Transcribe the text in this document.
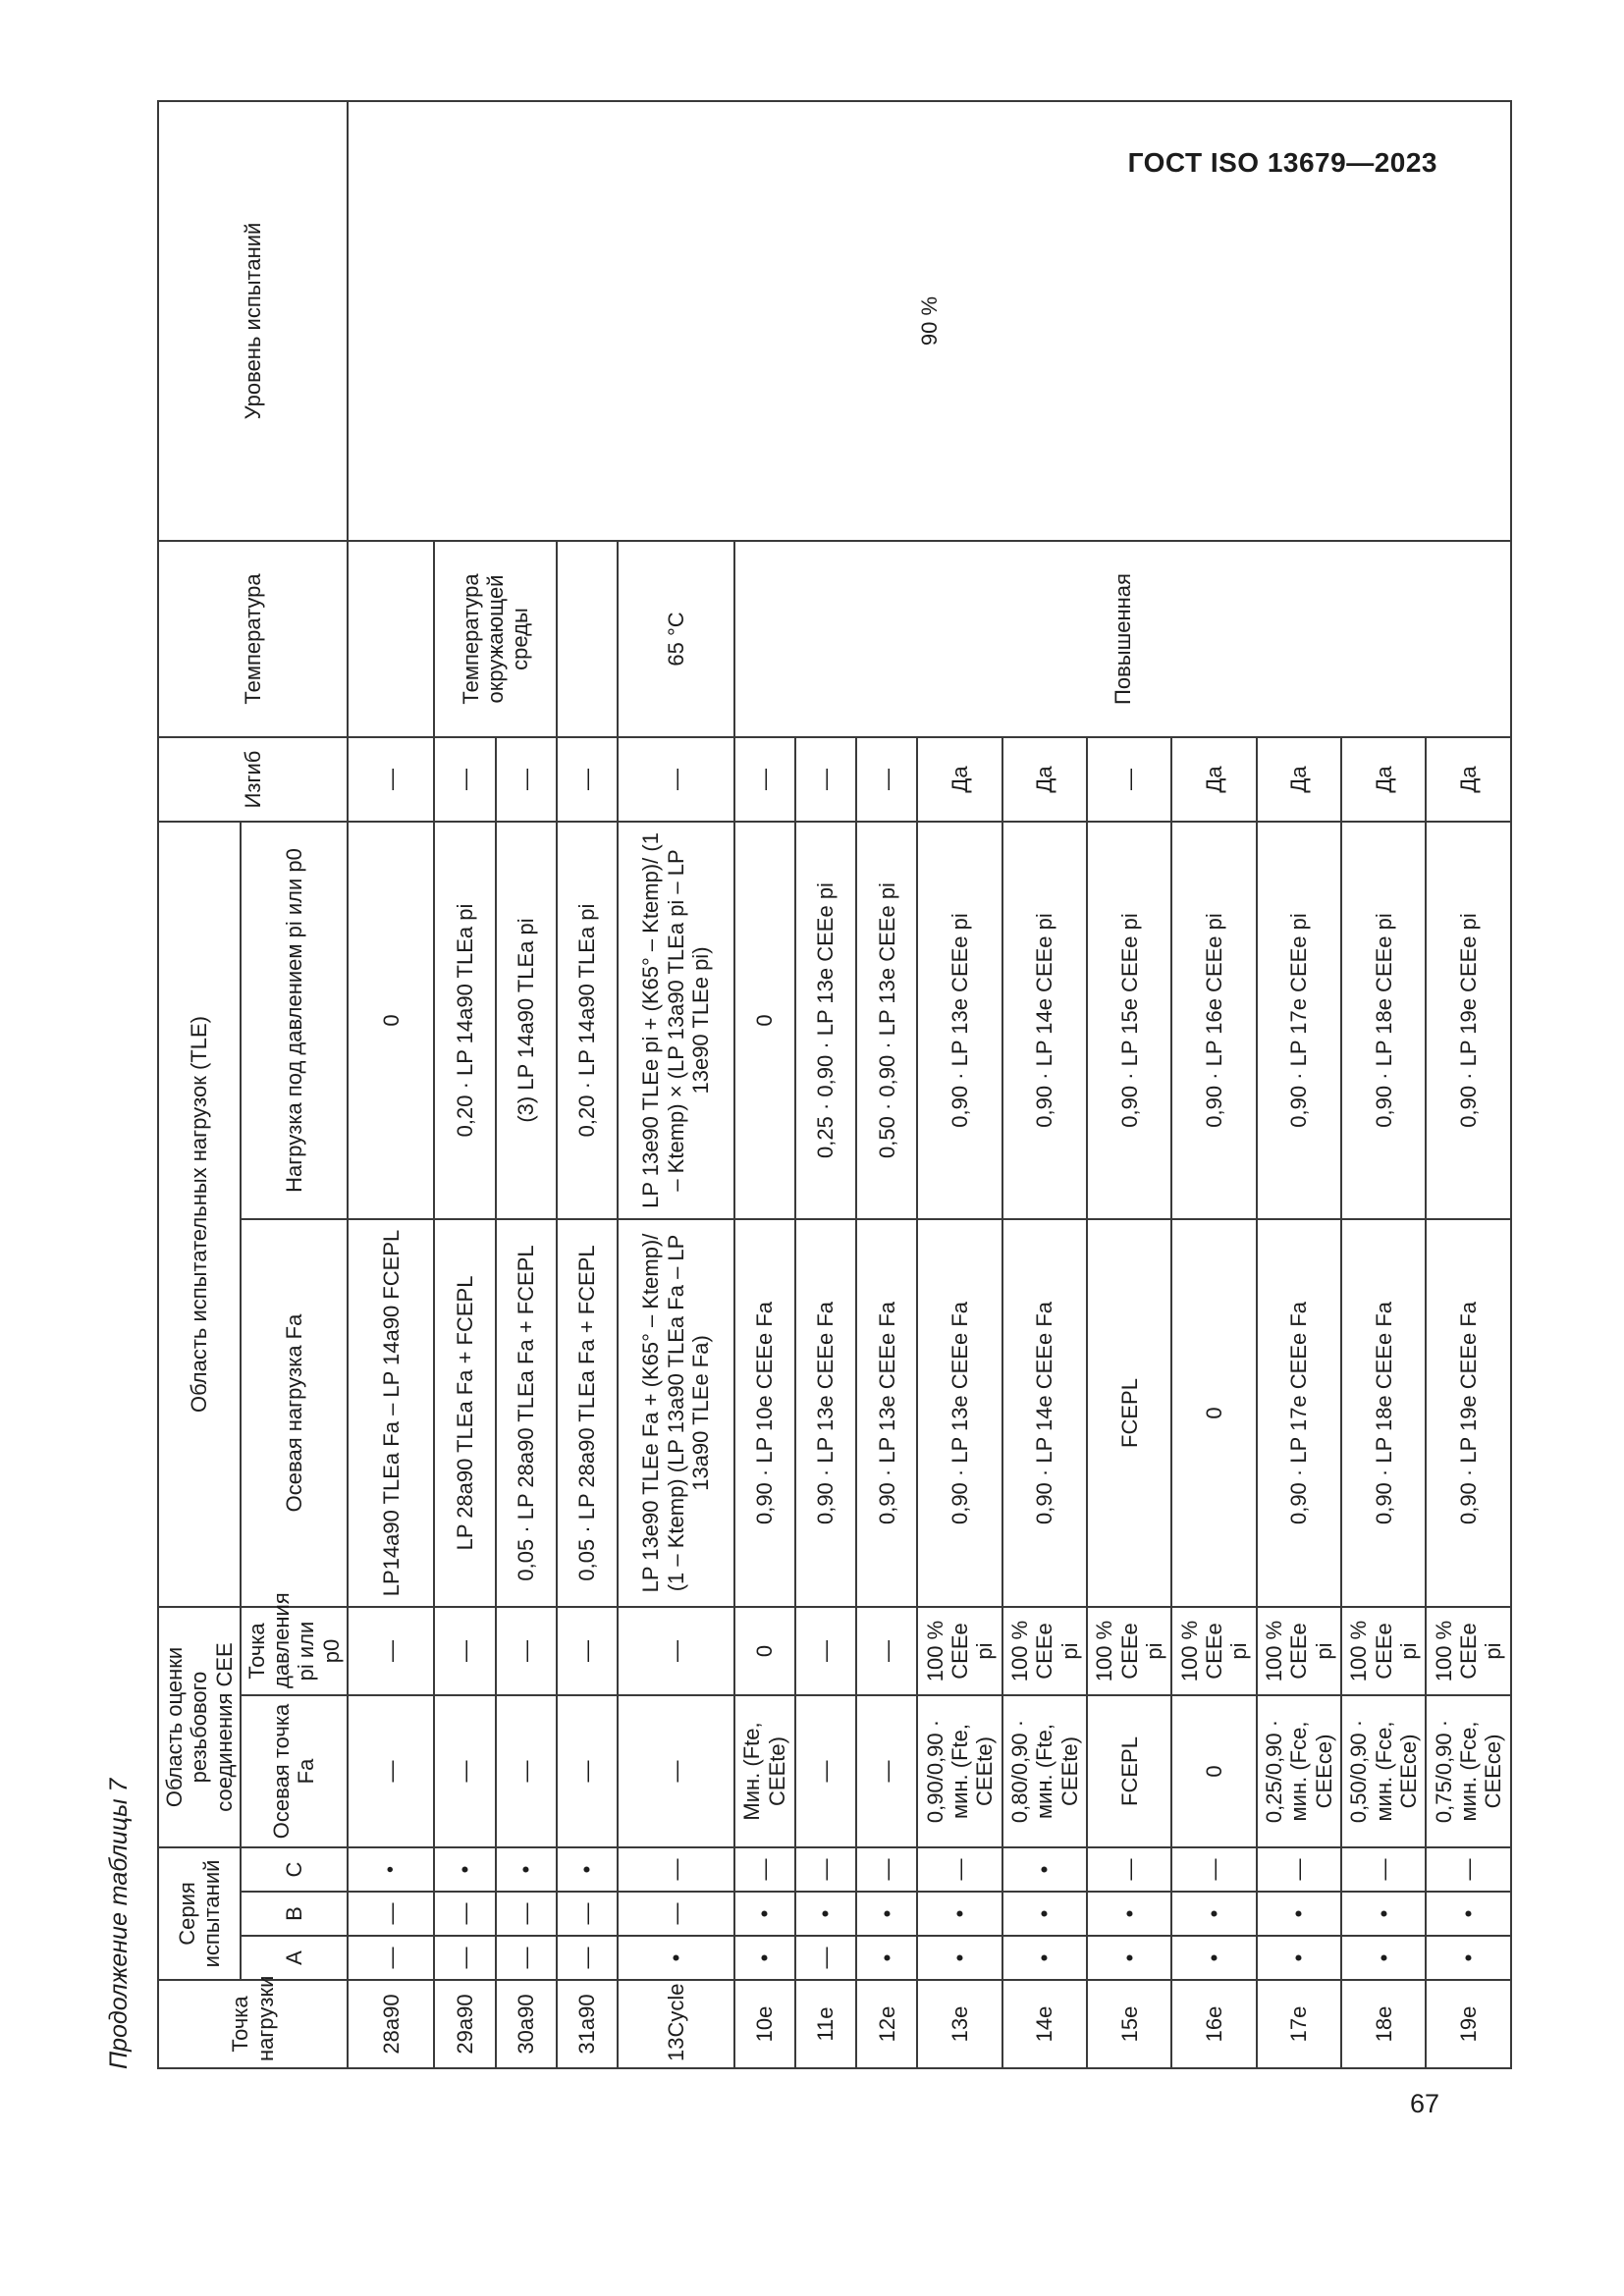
ГОСТ ISO 13679—2023
Продолжение таблицы 7
67
Точка нагрузки	Серия испытаний			Область оценки резьбового соединения CEE		Область испытательных нагрузок (TLE)		Изгиб	Температура	Уровень испытаний

	A	B	C	Осевая точка Fa	Точка давления pi или p0	Осевая нагрузка Fa	Нагрузка под давлением pi или p0			
28a90	—	—	•	—	—	LP14a90 TLEa Fa – LP 14a90 FCEPL	0	—		90 %
29a90	—	—	•	—	—	LP 28a90 TLEa Fa + FCEPL	0,20 · LP 14a90 TLEa pi	—	Температура окружающей среды	
30a90	—	—	•	—	—	0,05 · LP 28a90 TLEa Fa + FCEPL	(3) LP 14a90 TLEa pi	—		
31a90	—	—	•	—	—	0,05 · LP 28a90 TLEa Fa + FCEPL	0,20 · LP 14a90 TLEa pi	—		
13Cycle	•	—	—	—	—	LP 13e90 TLEe Fa + (K65° – Ktemp)/ (1 – Ktemp) (LP 13a90 TLEa Fa – LP 13a90 TLEe Fa)	LP 13e90 TLEe pi + (K65° – Ktemp)/ (1 – Ktemp) × (LP 13a90 TLEa pi – LP 13e90 TLEe pi)	—	65 °C	
10e	•	•	—	Мин. (Fte, CEEte)	0	0,90 · LP 10e CEEe Fa	0	—	Повышенная	
11e	—	•	—	—	—	0,90 · LP 13e CEEe Fa	0,25 · 0,90 · LP 13e CEEe pi	—		
12e	•	•	—	—	—	0,90 · LP 13e CEEe Fa	0,50 · 0,90 · LP 13e CEEe pi	—		
13e	•	•	—	0,90/0,90 · мин. (Fte, CEEte)	100 % CEEe pi	0,90 · LP 13e CEEe Fa	0,90 · LP 13e CEEe pi	Да		
14e	•	•	•	0,80/0,90 · мин. (Fte, CEEte)	100 % CEEe pi	0,90 · LP 14e CEEe Fa	0,90 · LP 14e CEEe pi	Да		
15e	•	•	—	FCEPL	100 % CEEe pi	FCEPL	0,90 · LP 15e CEEe pi	—		
16e	•	•	—	0	100 % CEEe pi	0	0,90 · LP 16e CEEe pi	Да		
17e	•	•	—	0,25/0,90 · мин. (Fce, CEEce)	100 % CEEe pi	0,90 · LP 17e CEEe Fa	0,90 · LP 17e CEEe pi	Да		
18e	•	•	—	0,50/0,90 · мин. (Fce, CEEce)	100 % CEEe pi	0,90 · LP 18e CEEe Fa	0,90 · LP 18e CEEe pi	Да		
19e	•	•	—	0,75/0,90 · мин. (Fce, CEEce)	100 % CEEe pi	0,90 · LP 19e CEEe Fa	0,90 · LP 19e CEEe pi	Да		
